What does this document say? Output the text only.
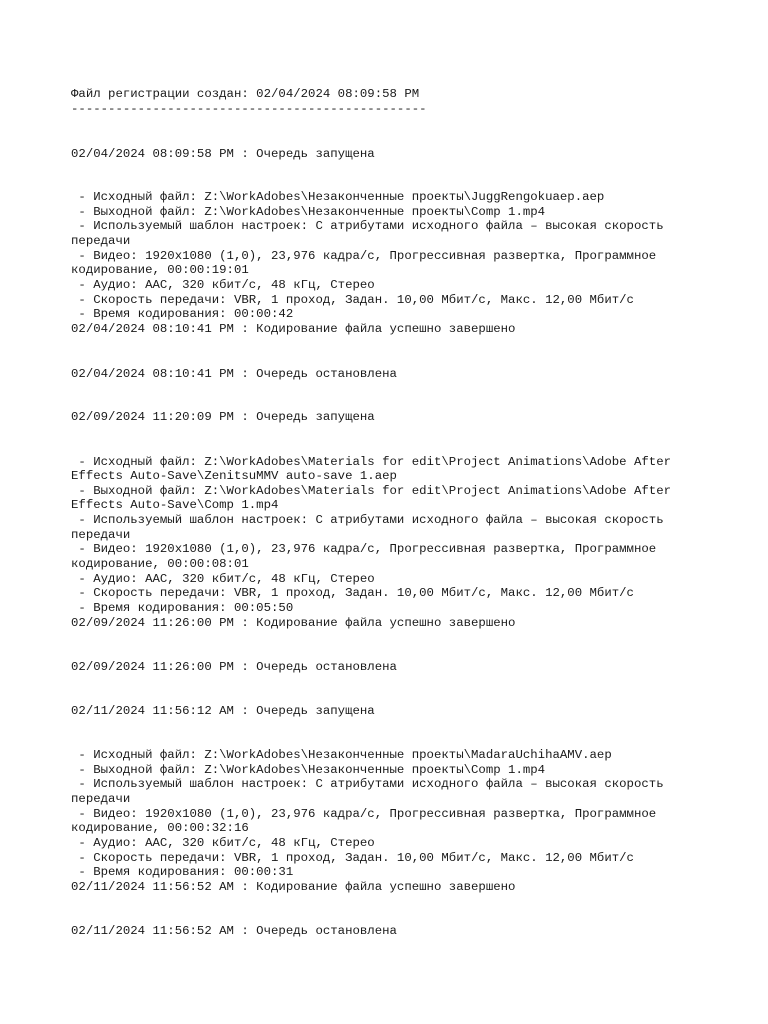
Файл регистрации создан: 02/04/2024 08:09:58 PM
------------------------------------------------
02/04/2024 08:09:58 PM : Очередь запущена
- Исходный файл: Z:\WorkAdobes\Незаконченные проекты\JuggRengokuaep.aep
- Выходной файл: Z:\WorkAdobes\Незаконченные проекты\Comp 1.mp4
- Используемый шаблон настроек: С атрибутами исходного файла – высокая скорость
передачи
- Видео: 1920x1080 (1,0), 23,976 кадра/с, Прогрессивная развертка, Программное
кодирование, 00:00:19:01
- Аудио: AAC, 320 кбит/с, 48 кГц, Стерео
- Скорость передачи: VBR, 1 проход, Задан. 10,00 Мбит/с, Макс. 12,00 Мбит/с
- Время кодирования: 00:00:42
02/04/2024 08:10:41 PM : Кодирование файла успешно завершено
02/04/2024 08:10:41 PM : Очередь остановлена
02/09/2024 11:20:09 PM : Очередь запущена
- Исходный файл: Z:\WorkAdobes\Materials for edit\Project Animations\Adobe After
Effects Auto-Save\ZenitsuMMV auto-save 1.aep
- Выходной файл: Z:\WorkAdobes\Materials for edit\Project Animations\Adobe After
Effects Auto-Save\Comp 1.mp4
- Используемый шаблон настроек: С атрибутами исходного файла – высокая скорость
передачи
- Видео: 1920x1080 (1,0), 23,976 кадра/с, Прогрессивная развертка, Программное
кодирование, 00:00:08:01
- Аудио: AAC, 320 кбит/с, 48 кГц, Стерео
- Скорость передачи: VBR, 1 проход, Задан. 10,00 Мбит/с, Макс. 12,00 Мбит/с
- Время кодирования: 00:05:50
02/09/2024 11:26:00 PM : Кодирование файла успешно завершено
02/09/2024 11:26:00 PM : Очередь остановлена
02/11/2024 11:56:12 AM : Очередь запущена
- Исходный файл: Z:\WorkAdobes\Незаконченные проекты\MadaraUchihaAMV.aep
- Выходной файл: Z:\WorkAdobes\Незаконченные проекты\Comp 1.mp4
- Используемый шаблон настроек: С атрибутами исходного файла – высокая скорость
передачи
- Видео: 1920x1080 (1,0), 23,976 кадра/с, Прогрессивная развертка, Программное
кодирование, 00:00:32:16
- Аудио: AAC, 320 кбит/с, 48 кГц, Стерео
- Скорость передачи: VBR, 1 проход, Задан. 10,00 Мбит/с, Макс. 12,00 Мбит/с
- Время кодирования: 00:00:31
02/11/2024 11:56:52 AM : Кодирование файла успешно завершено
02/11/2024 11:56:52 AM : Очередь остановлена
